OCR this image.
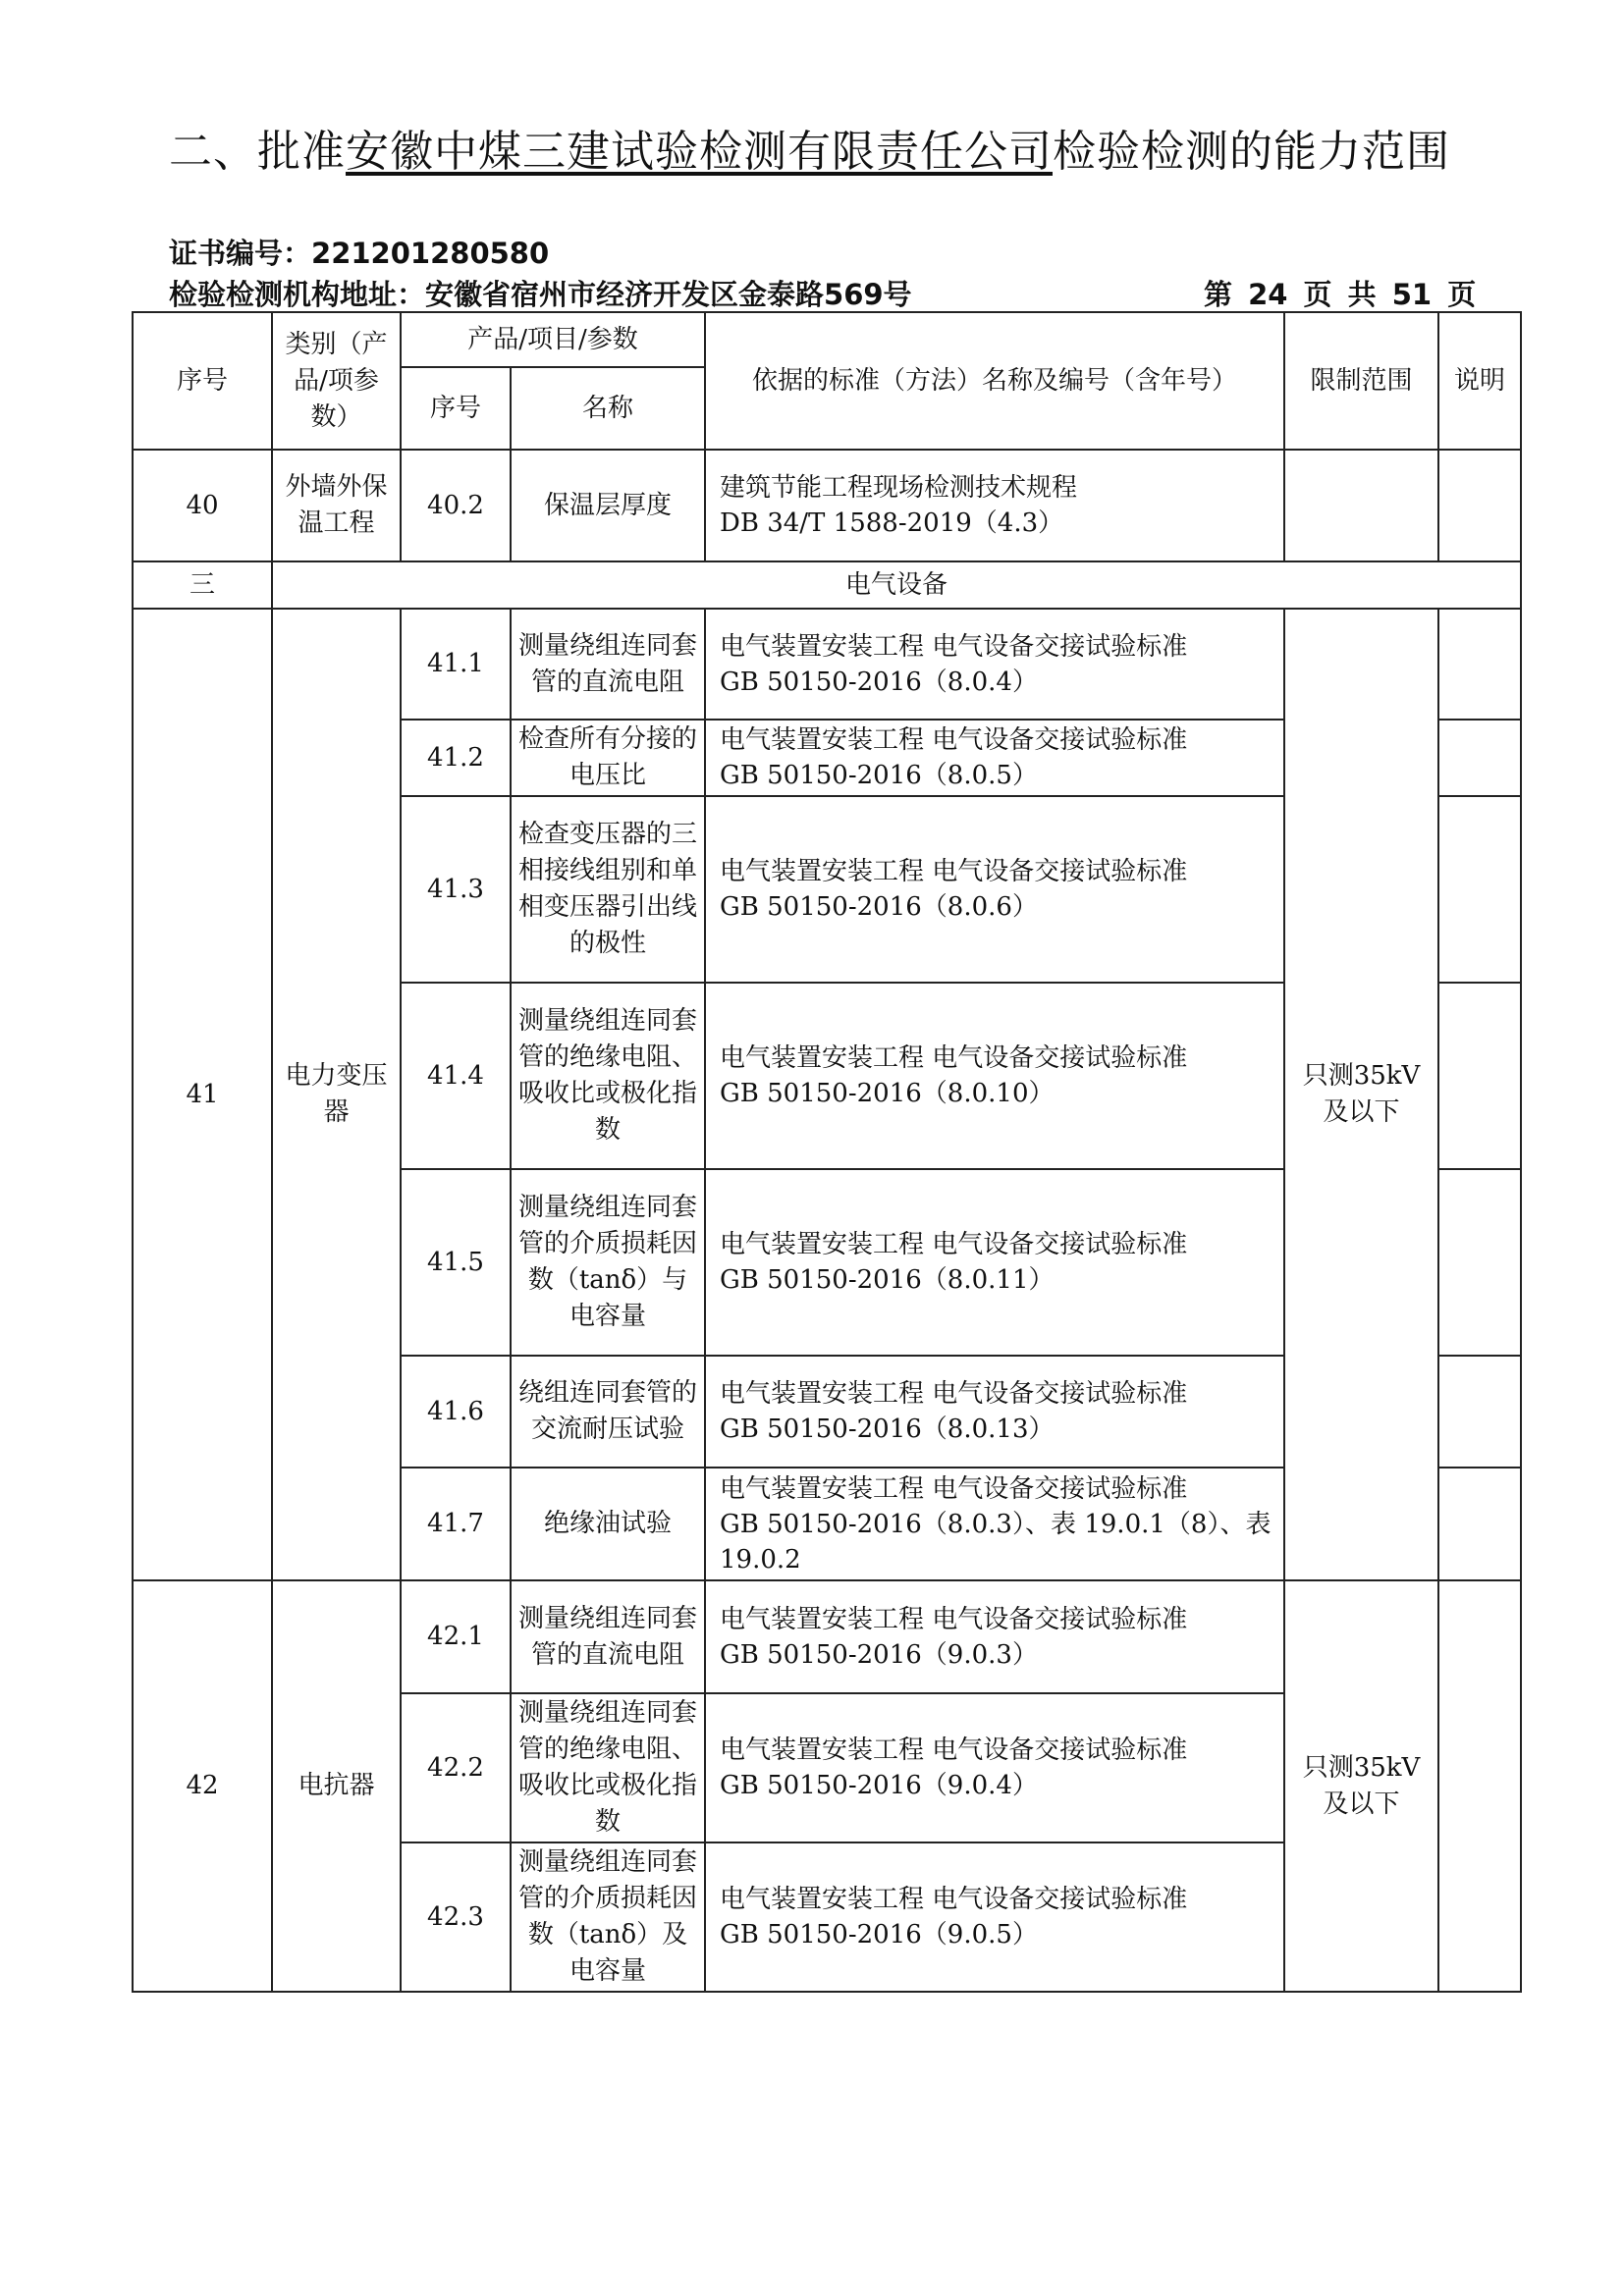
二、批准安徽中煤三建试验检测有限责任公司检验检测的能力范围
证书编号：221201280580
检验检测机构地址：安徽省宿州市经济开发区金泰路569号	第 24 页 共 51 页
序号	类别（产品/项参数）	产品/项目/参数		依据的标准（方法）名称及编号（含年号）	限制范围	说明
		序号	名称			
40	外墙外保温工程	40.2	保温层厚度	建筑节能工程现场检测技术规程
DB 34/T 1588-2019（4.3）		

三	电气设备					
41	电力变压器	41.1	测量绕组连同套管的直流电阻	电气装置安装工程 电气设备交接试验标准
GB 50150-2016（8.0.4）	只测35kV及以下	
		41.2	检查所有分接的电压比	电气装置安装工程 电气设备交接试验标准
GB 50150-2016（8.0.5）		

		41.3	检查变压器的三相接线组别和单相变压器引出线的极性	电气装置安装工程 电气设备交接试验标准
GB 50150-2016（8.0.6）		

		41.4	测量绕组连同套管的绝缘电阻、吸收比或极化指数	电气装置安装工程 电气设备交接试验标准
GB 50150-2016（8.0.10）		

		41.5	测量绕组连同套管的介质损耗因数（tanδ）与电容量	电气装置安装工程 电气设备交接试验标准
GB 50150-2016（8.0.11）		

		41.6	绕组连同套管的交流耐压试验	电气装置安装工程 电气设备交接试验标准
GB 50150-2016（8.0.13）		

		41.7	绝缘油试验	电气装置安装工程 电气设备交接试验标准
GB 50150-2016（8.0.3）、表 19.0.1（8）、表 19.0.2		

42	电抗器	42.1	测量绕组连同套管的直流电阻	电气装置安装工程 电气设备交接试验标准
GB 50150-2016（9.0.3）	只测35kV及以下	
		42.2	测量绕组连同套管的绝缘电阻、吸收比或极化指数	电气装置安装工程 电气设备交接试验标准
GB 50150-2016（9.0.4）		

		42.3	测量绕组连同套管的介质损耗因数（tanδ）及电容量	电气装置安装工程 电气设备交接试验标准
GB 50150-2016（9.0.5）		
